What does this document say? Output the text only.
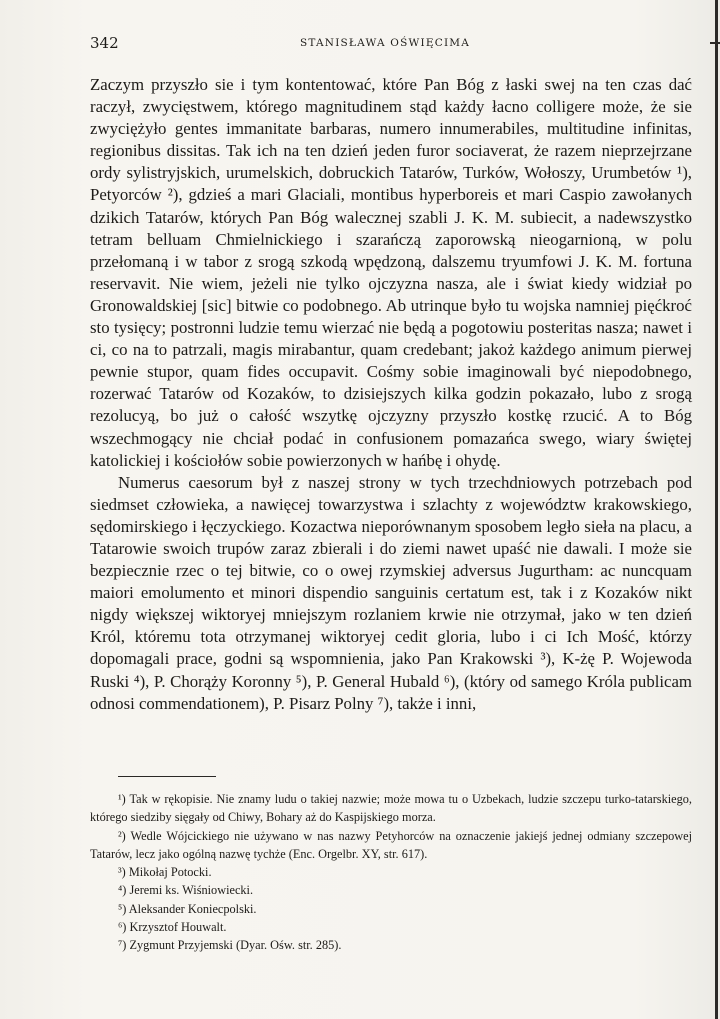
342	STANISŁAWA OŚWIĘCIMA

Zaczym przyszło sie i tym kontentować, które Pan Bóg z łaski swej na ten czas dać raczył, zwycięstwem, którego magnitudinem stąd każdy łacno colligere może, że sie zwyciężyło gentes immanitate barbaras, numero innumerabiles, multitudine infinitas, regionibus dissitas. Tak ich na ten dzień jeden furor sociaverat, że razem nieprzejrzane ordy sylistryjskich, urumelskich, dobruckich Tatarów, Turków, Wołoszy, Urumbetów ¹), Petyorców ²), gdzieś a mari Glaciali, montibus hyperboreis et mari Caspio zawołanych dzikich Tatarów, których Pan Bóg walecznej szabli J. K. M. subiecit, a nadewszystko tetram belluam Chmielnickiego i szarańczą zaporowską nieogarnioną, w polu przełomaną i w tabor z srogą szkodą wpędzoną, dalszemu tryumfowi J. K. M. fortuna reservavit. Nie wiem, jeżeli nie tylko ojczyzna nasza, ale i świat kiedy widział po Gronowaldskiej [sic] bitwie co podobnego. Ab utrinque było tu wojska namniej pięćkroć sto tysięcy; postronni ludzie temu wierzać nie będą a pogotowiu posteritas nasza; nawet i ci, co na to patrzali, magis mirabantur, quam credebant; jakoż każdego animum pierwej pewnie stupor, quam fides occupavit. Cośmy sobie imaginowali być niepodobnego, rozerwać Tatarów od Kozaków, to dzisiejszych kilka godzin pokazało, lubo z srogą rezolucyą, bo już o całość wszytkę ojczyzny przyszło kostkę rzucić. A to Bóg wszechmogący nie chciał podać in confusionem pomazańca swego, wiary świętej katolickiej i kościołów sobie powierzonych w hańbę i ohydę.

Numerus caesorum był z naszej strony w tych trzechdniowych potrzebach pod siedmset człowieka, a nawięcej towarzystwa i szlachty z województw krakowskiego, sędomirskiego i łęczyckiego. Kozactwa nieporównanym sposobem legło sieła na placu, a Tatarowie swoich trupów zaraz zbierali i do ziemi nawet upaść nie dawali. I może sie bezpiecznie rzec o tej bitwie, co o owej rzymskiej adversus Jugurtham: ac nuncquam maiori emolumento et minori dispendio sanguinis certatum est, tak i z Kozaków nikt nigdy większej wiktoryej mniejszym rozlaniem krwie nie otrzymał, jako w ten dzień Król, któremu tota otrzymanej wiktoryej cedit gloria, lubo i ci Ich Mość, którzy dopomagali prace, godni są wspomnienia, jako Pan Krakowski ³), K-żę P. Wojewoda Ruski ⁴), P. Chorąży Koronny ⁵), P. General Hubald ⁶), (który od samego Króla publicam odnosi commendationem), P. Pisarz Polny ⁷), także i inni,

¹) Tak w rękopisie. Nie znamy ludu o takiej nazwie; może mowa tu o Uzbekach, ludzie szczepu turko-tatarskiego, którego siedziby sięgały od Chiwy, Bohary aż do Kaspijskiego morza.

²) Wedle Wójcickiego nie używano w nas nazwy Petyhorców na oznaczenie jakiejś jednej odmiany szczepowej Tatarów, lecz jako ogólną nazwę tychże (Enc. Orgelbr. XY, str. 617).

³) Mikołaj Potocki.

⁴) Jeremi ks. Wiśniowiecki.

⁵) Aleksander Koniecpolski.

⁶) Krzysztof Houwalt.

⁷) Zygmunt Przyjemski (Dyar. Ośw. str. 285).
